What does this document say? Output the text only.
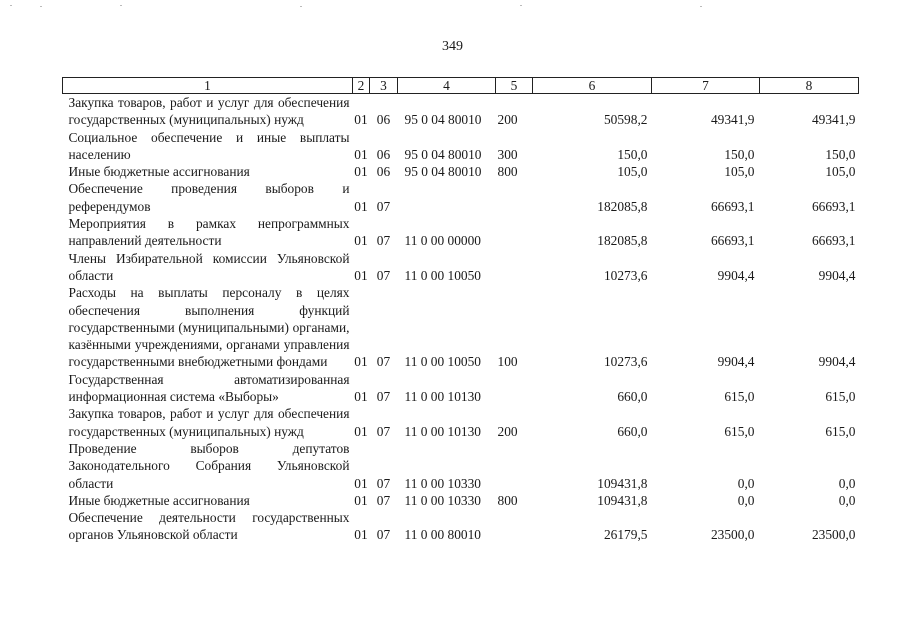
349
1	2	3	4	5	6	7	8
Закупка товаров, работ и услуг для обеспечения государственных (муниципальных) нужд	01	06	95 0 04 80010	200	50598,2	49341,9	49341,9
Социальное обеспечение и иные выплаты населению	01	06	95 0 04 80010	300	150,0	150,0	150,0
Иные бюджетные ассигнования	01	06	95 0 04 80010	800	105,0	105,0	105,0
Обеспечение проведения выборов и референдумов	01	07			182085,8	66693,1	66693,1
Мероприятия в рамках непрограммных направлений деятельности	01	07	11 0 00 00000		182085,8	66693,1	66693,1
Члены Избирательной комиссии Ульяновской области	01	07	11 0 00 10050		10273,6	9904,4	9904,4
Расходы на выплаты персоналу в целях обеспечения выполнения функций государственными (муниципальными) органами, казёнными учреждениями, органами управления государственными внебюджетными фондами	01	07	11 0 00 10050	100	10273,6	9904,4	9904,4
Государственная автоматизированная информационная система «Выборы»	01	07	11 0 00 10130		660,0	615,0	615,0
Закупка товаров, работ и услуг для обеспечения государственных (муниципальных) нужд	01	07	11 0 00 10130	200	660,0	615,0	615,0
Проведение выборов депутатов Законодательного Собрания Ульяновской области	01	07	11 0 00 10330		109431,8	0,0	0,0
Иные бюджетные ассигнования	01	07	11 0 00 10330	800	109431,8	0,0	0,0
Обеспечение деятельности государственных органов Ульяновской области	01	07	11 0 00 80010		26179,5	23500,0	23500,0
